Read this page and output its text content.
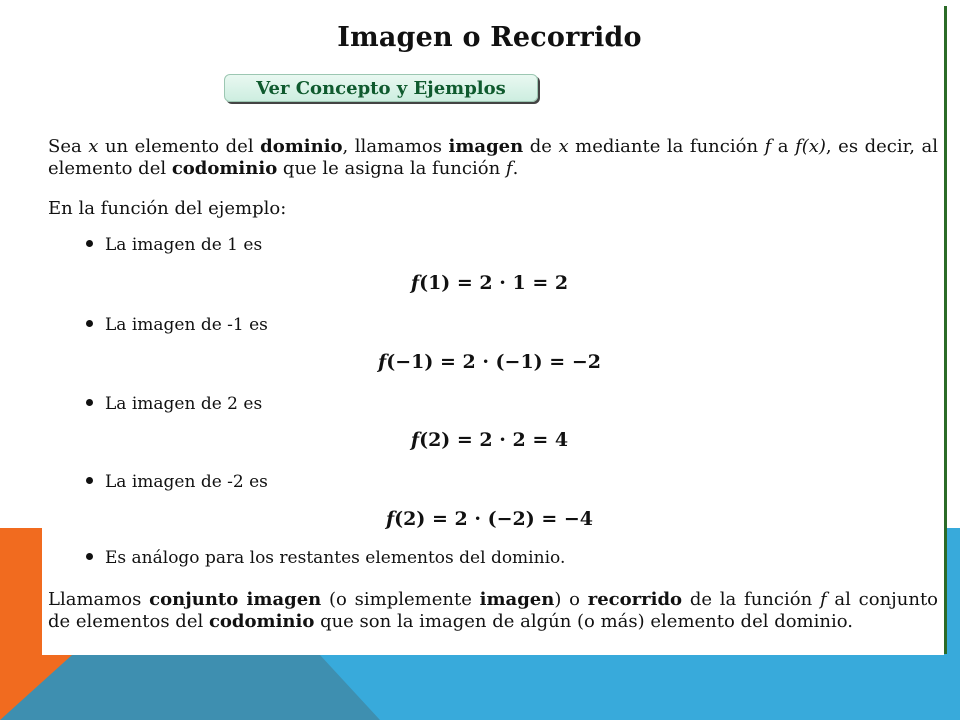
Imagen o Recorrido
Ver Concepto y Ejemplos
Sea x un elemento del dominio, llamamos imagen de x mediante la función f a f(x), es decir, al elemento del codominio que le asigna la función f.
En la función del ejemplo:
La imagen de 1 es
f(1) = 2 · 1 = 2
La imagen de -1 es
f(−1) = 2 · (−1) = −2
La imagen de 2 es
f(2) = 2 · 2 = 4
La imagen de -2 es
f(2) = 2 · (−2) = −4
Es análogo para los restantes elementos del dominio.
Llamamos conjunto imagen (o simplemente imagen) o recorrido de la función f al conjunto de elementos del codominio que son la imagen de algún (o más) elemento del dominio.
